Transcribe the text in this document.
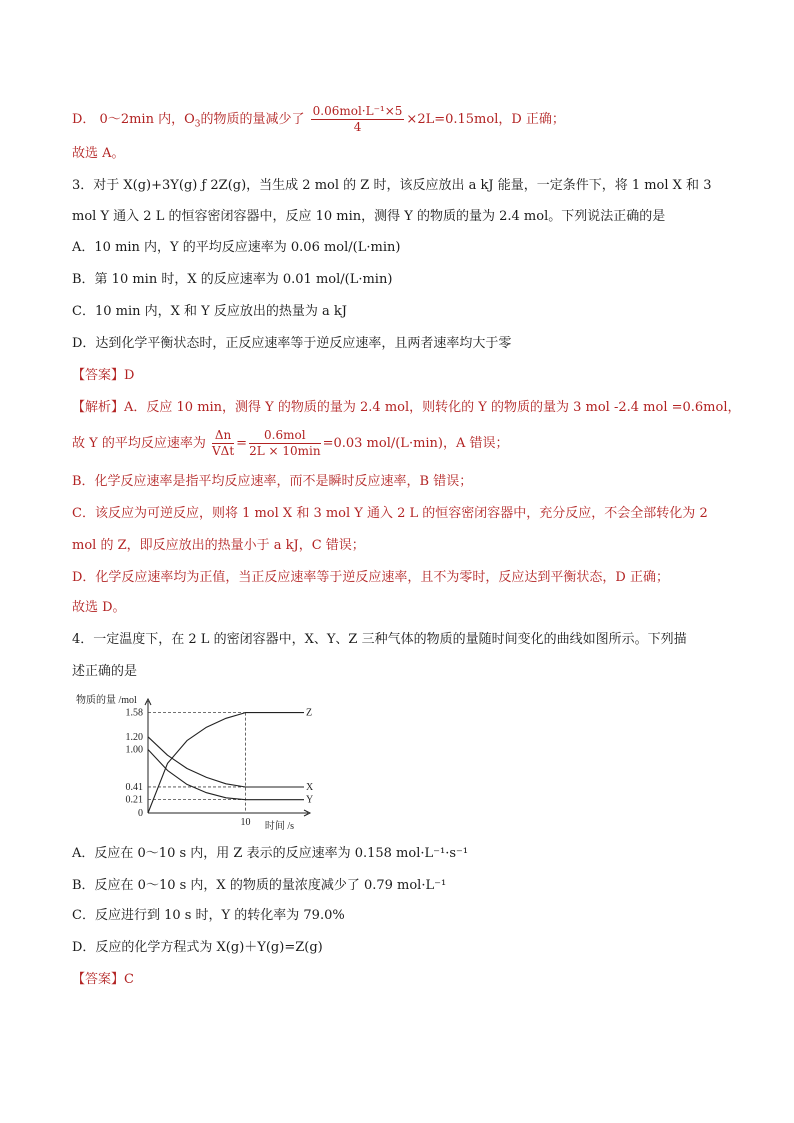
D． 0～2min 内，$O_3$的物质的量减少了 $\frac{\text{0.06mol·L⁻¹×5}}{4} \times 2L=0.15mol$，D 正确；
故选 A。
3．对于 X(g)+3Y(g) ƒ 2Z(g)，当生成 2 mol 的 Z 时，该反应放出 a kJ 能量，一定条件下，将 1 mol X 和 3
mol Y 通入 2 L 的恒容密闭容器中，反应 10 min，测得 Y 的物质的量为 2.4 mol。下列说法正确的是
A．10 min 内，Y 的平均反应速率为 0.06 mol/(L·min)
B．第 10 min 时，X 的反应速率为 0.01 mol/(L·min)
C．10 min 内，X 和 Y 反应放出的热量为 a kJ
D．达到化学平衡状态时，正反应速率等于逆反应速率，且两者速率均大于零
【答案】D
【解析】A．反应 10 min，测得 Y 的物质的量为 2.4 mol，则转化的 Y 的物质的量为 3 mol -2.4 mol =0.6mol，
故 Y 的平均反应速率为 $\frac{\Delta n}{\text{VΔt}} = \frac{\text{0.6mol}}{2L \times 10\min} =0.03$ mol/(L·min)，A 错误；
B．化学反应速率是指平均反应速率，而不是瞬时反应速率，B 错误；
C．该反应为可逆反应，则将 1 mol X 和 3 mol Y 通入 2 L 的恒容密闭容器中，充分反应，不会全部转化为 2
mol 的 Z，即反应放出的热量小于 a kJ，C 错误；
D．化学反应速率均为正值，当正反应速率等于逆反应速率，且不为零时，反应达到平衡状态，D 正确；
故选 D。
4．一定温度下，在 2 L 的密闭容器中，X、Y、Z 三种气体的物质的量随时间变化的曲线如图所示。下列描
述正确的是
物质的量 /mol
时间 /s
1.58
1.20
1.00
0.41
0.21
0
10
Z
X
Y
A．反应在 0～10 s 内，用 Z 表示的反应速率为 0.158 mol·L⁻¹·s⁻¹
B．反应在 0～10 s 内，X 的物质的量浓度减少了 0.79 mol·L⁻¹
C．反应进行到 10 s 时，Y 的转化率为 79.0%
D．反应的化学方程式为 X(g)＋Y(g)=Z(g)
【答案】C
